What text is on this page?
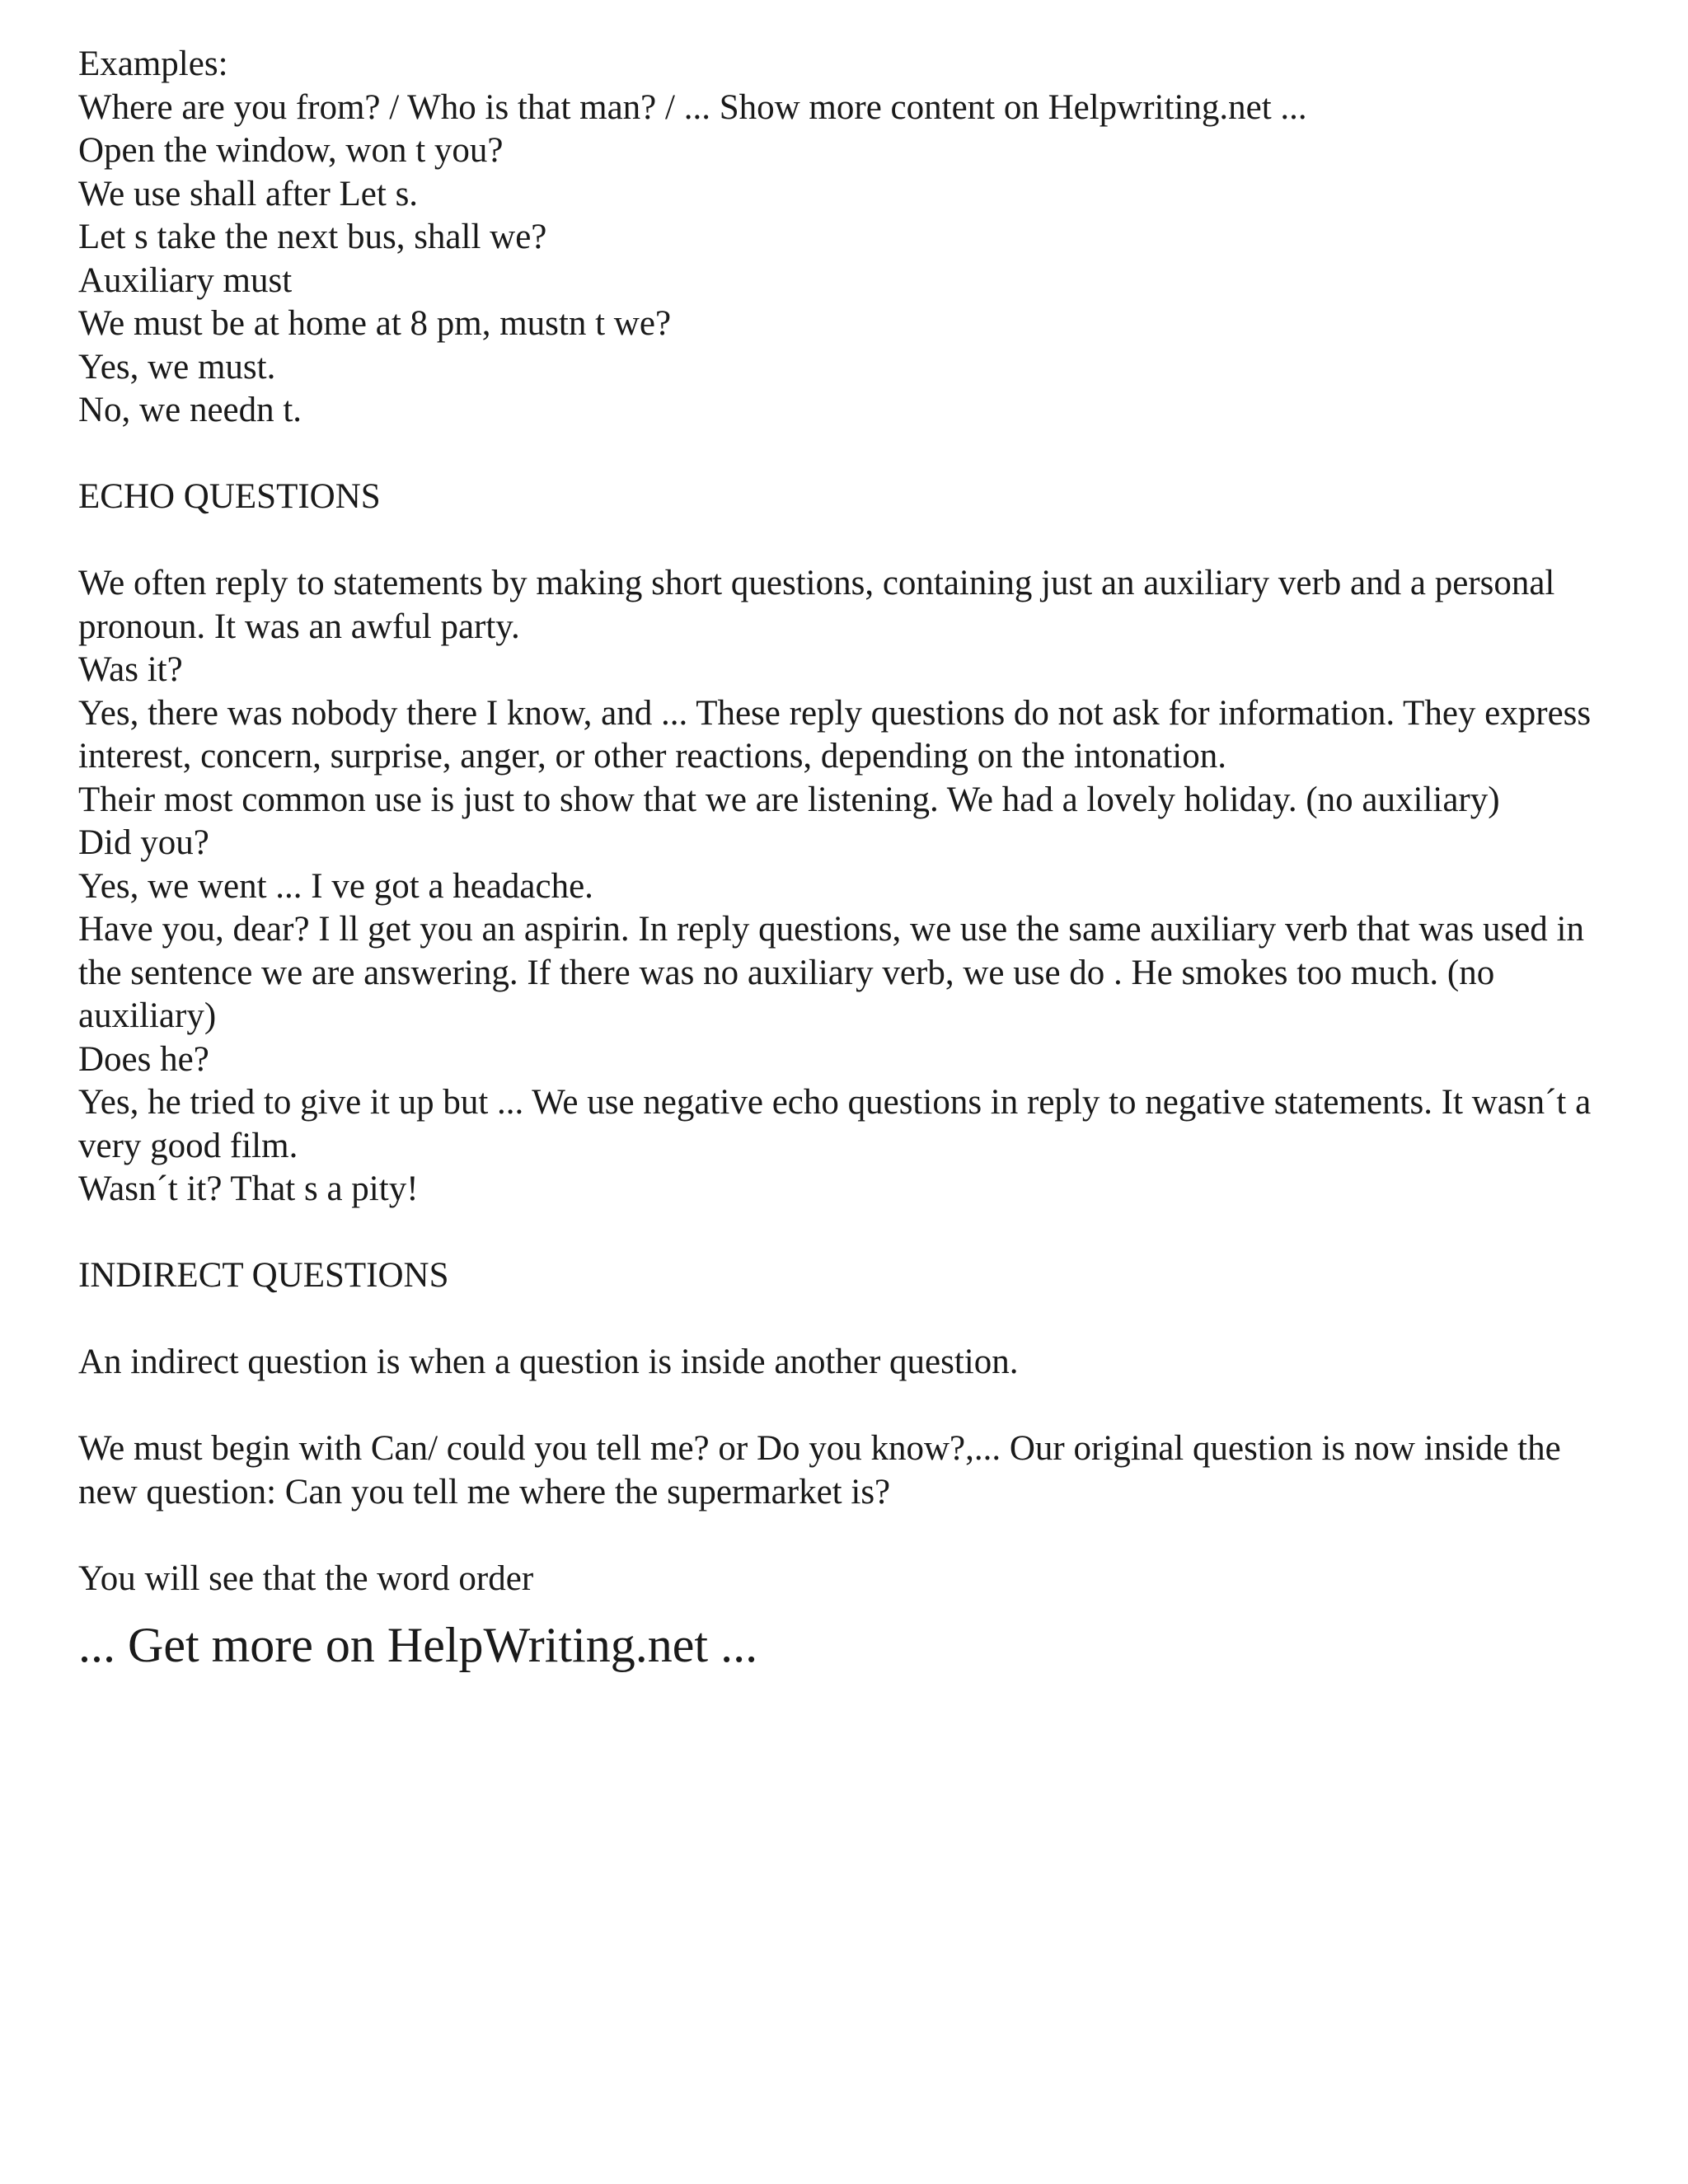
Examples:
Where are you from? / Who is that man? / ... Show more content on Helpwriting.net ...
Open the window, won t you?
We use shall after Let s.
Let s take the next bus, shall we?
Auxiliary must
We must be at home at 8 pm, mustn t we?
Yes, we must.
No, we needn t.
ECHO QUESTIONS
We often reply to statements by making short questions, containing just an auxiliary verb and a personal pronoun. It was an awful party.
Was it?
Yes, there was nobody there I know, and ... These reply questions do not ask for information. They express interest, concern, surprise, anger, or other reactions, depending on the intonation.
Their most common use is just to show that we are listening. We had a lovely holiday. (no auxiliary)
Did you?
Yes, we went ... I ve got a headache.
Have you, dear? I ll get you an aspirin. In reply questions, we use the same auxiliary verb that was used in the sentence we are answering. If there was no auxiliary verb, we use do . He smokes too much. (no auxiliary)
Does he?
Yes, he tried to give it up but ... We use negative echo questions in reply to negative statements. It wasn´t a very good film.
Wasn´t it? That s a pity!
INDIRECT QUESTIONS
An indirect question is when a question is inside another question.
We must begin with Can/ could you tell me? or Do you know?,... Our original question is now inside the new question: Can you tell me where the supermarket is?
You will see that the word order
... Get more on HelpWriting.net ...
